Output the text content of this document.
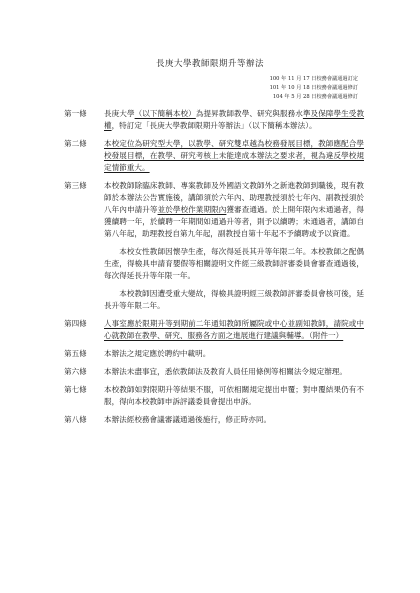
長庚大學教師限期升等辦法
100 年 11 月 17 日校務會議通過訂定
101 年 10 月 18 日校務會議通過修訂
104 年 5 月 28 日校務會議通過修訂
第一條	長庚大學（以下簡稱本校）為提昇教師教學、研究與服務水準及保障學生受教權，特訂定「長庚大學教師限期升等辦法」（以下簡稱本辦法）。

第二條	本校定位為研究型大學，以教學、研究雙卓越為校務發展目標，教師應配合學校發展目標，在教學、研究考核上未能達成本辦法之要求者，視為違反學校規定情節重大。

第三條	本校教師除臨床教師、專案教師及外國語文教師外之新進教師到職後，現有教師於本辦法公告實施後，講師須於六年內、助理教授須於七年內、副教授須於八年內申請升等並於學校作業期限內獲審查通過。於上開年限內未通過者，得獲續聘一年，於續聘一年期間如通過升等者，則予以續聘；未通過者，講師自第八年起，助理教授自第九年起，副教授自第十年起不予續聘或予以資遣。

本校女性教師因懷孕生產，每次得延長其升等年限二年。本校教師之配偶生產，得檢具申請育嬰假等相關證明文件經三級教師評審委員會審查通過後，每次得延長升等年限一年。

本校教師因遭受重大變故，得檢具證明經三級教師評審委員會核可後，延長升等年限二年。

第四條	人事室應於限期升等到期前二年通知教師所屬院或中心並副知教師，請院或中心就教師在教學、研究、服務各方面之進展進行建議與輔導。（附件一）

第五條	本辦法之規定應於聘約中載明。

第六條	本辦法未盡事宜，悉依教師法及教育人員任用條例等相關法令規定辦理。

第七條	本校教師如對限期升等結果不服，可依相關規定提出申覆；對申覆結果仍有不服，得向本校教師申訴評議委員會提出申訴。

第八條	本辦法經校務會議審議通過後施行，修正時亦同。
